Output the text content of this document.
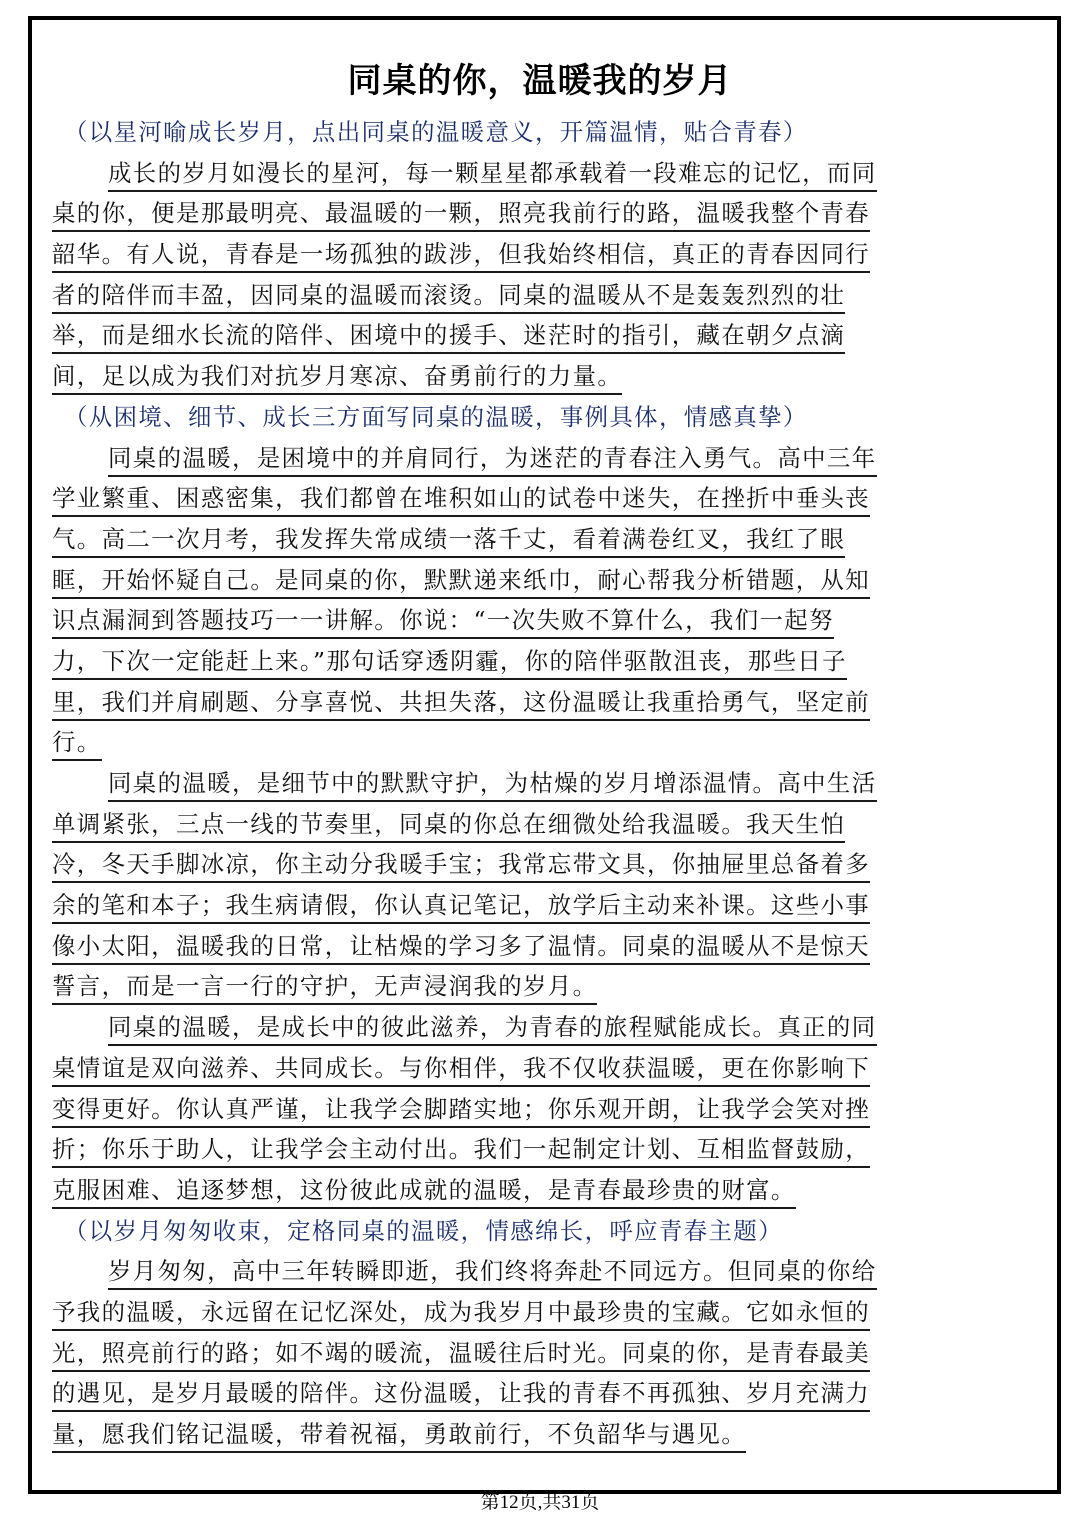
同桌的你，温暖我的岁月
（以星河喻成长岁月，点出同桌的温暖意义，开篇温情，贴合青春）
成长的岁月如漫长的星河，每一颗星星都承载着一段难忘的记忆，而同
桌的你，便是那最明亮、最温暖的一颗，照亮我前行的路，温暖我整个青春
韶华。有人说，青春是一场孤独的跋涉，但我始终相信，真正的青春因同行
者的陪伴而丰盈，因同桌的温暖而滚烫。同桌的温暖从不是轰轰烈烈的壮
举，而是细水长流的陪伴、困境中的援手、迷茫时的指引，藏在朝夕点滴
间，足以成为我们对抗岁月寒凉、奋勇前行的力量。
（从困境、细节、成长三方面写同桌的温暖，事例具体，情感真挚）
同桌的温暖，是困境中的并肩同行，为迷茫的青春注入勇气。高中三年
学业繁重、困惑密集，我们都曾在堆积如山的试卷中迷失，在挫折中垂头丧
气。高二一次月考，我发挥失常成绩一落千丈，看着满卷红叉，我红了眼
眶，开始怀疑自己。是同桌的你，默默递来纸巾，耐心帮我分析错题，从知
识点漏洞到答题技巧一一讲解。你说：“一次失败不算什么，我们一起努
力，下次一定能赶上来。”那句话穿透阴霾，你的陪伴驱散沮丧，那些日子
里，我们并肩刷题、分享喜悦、共担失落，这份温暖让我重拾勇气，坚定前
行。
同桌的温暖，是细节中的默默守护，为枯燥的岁月增添温情。高中生活
单调紧张，三点一线的节奏里，同桌的你总在细微处给我温暖。我天生怕
冷，冬天手脚冰凉，你主动分我暖手宝；我常忘带文具，你抽屉里总备着多
余的笔和本子；我生病请假，你认真记笔记，放学后主动来补课。这些小事
像小太阳，温暖我的日常，让枯燥的学习多了温情。同桌的温暖从不是惊天
誓言，而是一言一行的守护，无声浸润我的岁月。
同桌的温暖，是成长中的彼此滋养，为青春的旅程赋能成长。真正的同
桌情谊是双向滋养、共同成长。与你相伴，我不仅收获温暖，更在你影响下
变得更好。你认真严谨，让我学会脚踏实地；你乐观开朗，让我学会笑对挫
折；你乐于助人，让我学会主动付出。我们一起制定计划、互相监督鼓励，
克服困难、追逐梦想，这份彼此成就的温暖，是青春最珍贵的财富。
（以岁月匆匆收束，定格同桌的温暖，情感绵长，呼应青春主题）
岁月匆匆，高中三年转瞬即逝，我们终将奔赴不同远方。但同桌的你给
予我的温暖，永远留在记忆深处，成为我岁月中最珍贵的宝藏。它如永恒的
光，照亮前行的路；如不竭的暖流，温暖往后时光。同桌的你，是青春最美
的遇见，是岁月最暖的陪伴。这份温暖，让我的青春不再孤独、岁月充满力
量，愿我们铭记温暖，带着祝福，勇敢前行，不负韶华与遇见。
第12页,共31页
